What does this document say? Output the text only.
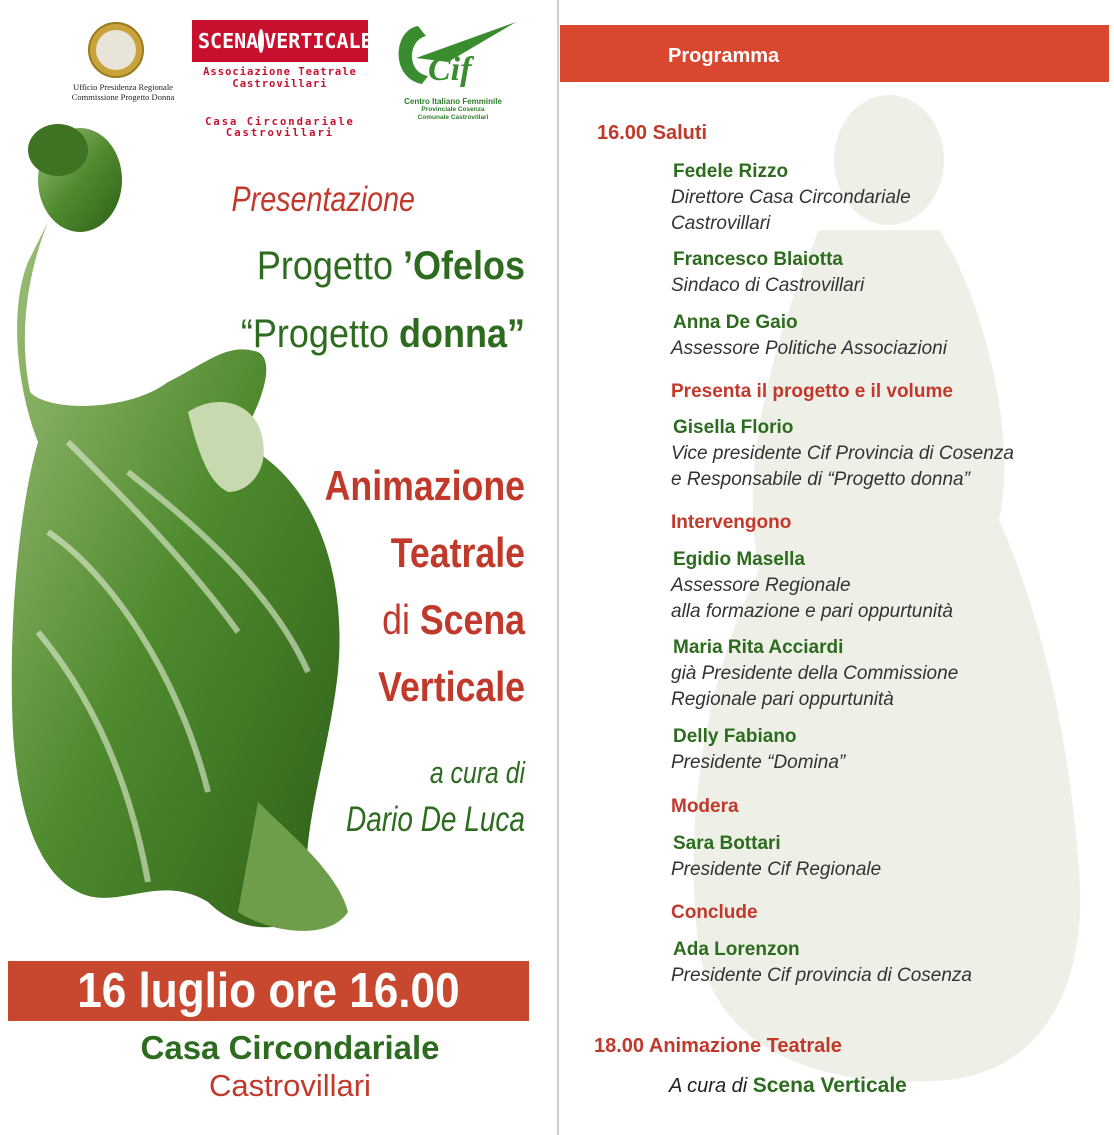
Ufficio Presidenza Regionale
Commissione Progetto Donna
SCENA VERTICALE
Associazione Teatrale
Castrovillari
Casa Circondariale
Castrovillari
Cif
Centro Italiano Femminile
Provinciale Cosenza
Comunale Castrovillari
Presentazione
Progetto ’Ofelos
“Progetto donna”
Animazione
Teatrale
di Scena
Verticale
a cura di
Dario De Luca
16 luglio ore 16.00
Casa Circondariale
Castrovillari
Programma
16.00 Saluti
Fedele Rizzo
Direttore Casa Circondariale
Castrovillari
Francesco Blaiotta
Sindaco di Castrovillari
Anna De Gaio
Assessore Politiche Associazioni
Presenta il progetto e il volume
Gisella Florio
Vice presidente Cif Provincia di Cosenza
e Responsabile di “Progetto donna”
Intervengono
Egidio Masella
Assessore Regionale
alla formazione e pari oppurtunità
Maria Rita Acciardi
già Presidente della Commissione
Regionale pari oppurtunità
Delly Fabiano
Presidente “Domina”
Modera
Sara Bottari
Presidente Cif Regionale
Conclude
Ada Lorenzon
Presidente Cif provincia di Cosenza
18.00 Animazione Teatrale
A cura di Scena Verticale
